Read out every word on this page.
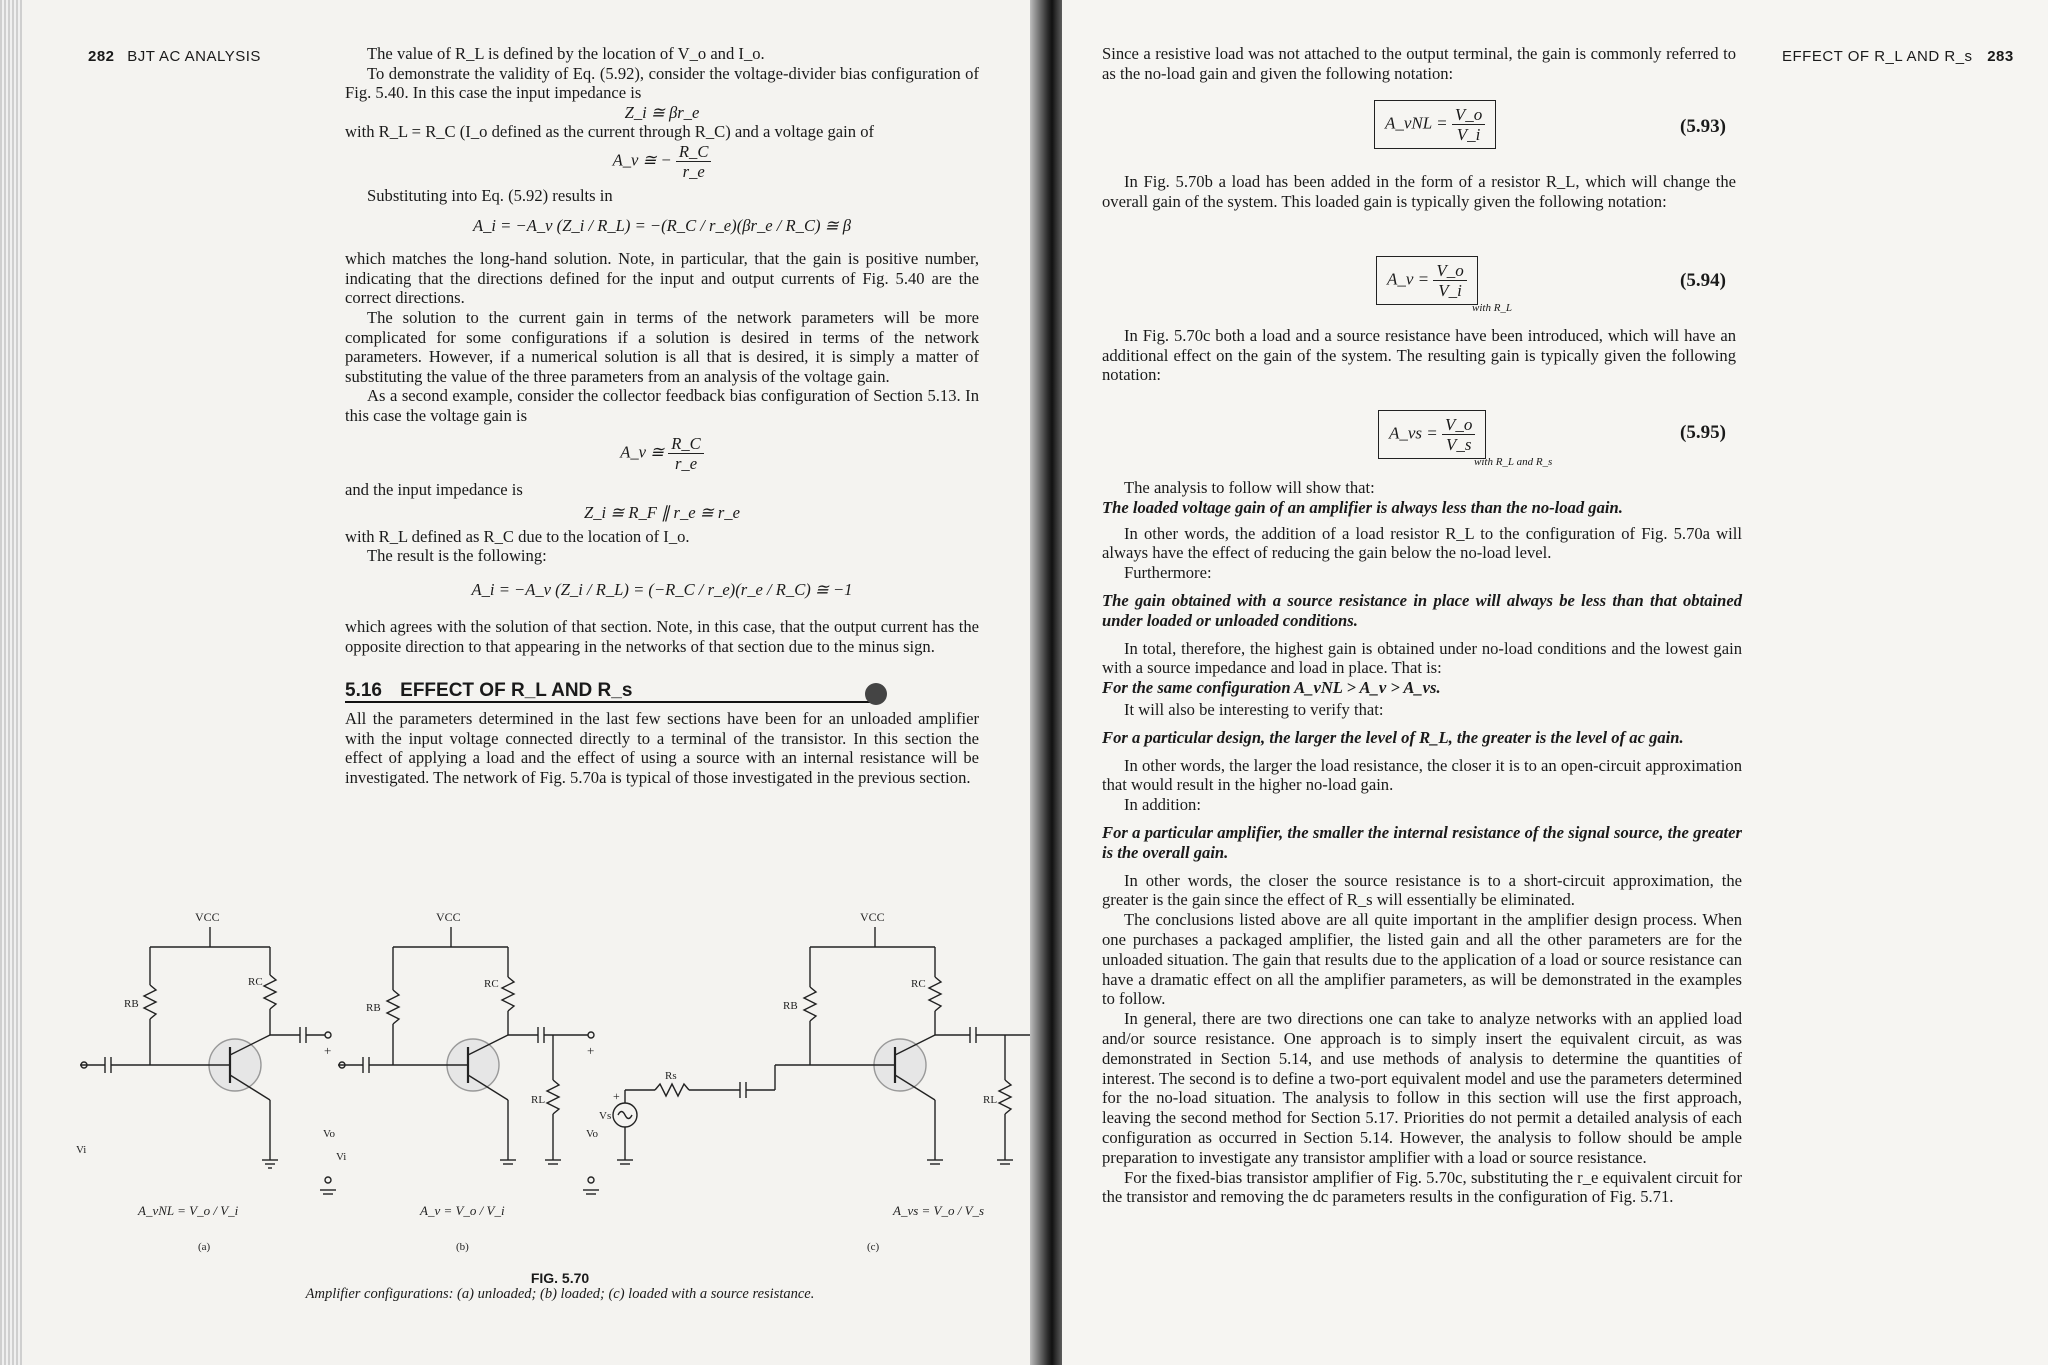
282 BJT AC ANALYSIS	The value of R_L is defined by the location of V_o and I_o.

To demonstrate the validity of Eq. (5.92), consider the voltage-divider bias configuration of Fig. 5.40. In this case the input impedance is

Z_i ≅ βr_e

with R_L = R_C (I_o defined as the current through R_C) and a voltage gain of

A_v ≅ − $\frac{R\_C}{r\_e}$

Substituting into Eq. (5.92) results in

A_i = −A_v (Z_i / R_L) = −(R_C / r_e)(βr_e / R_C) ≅ β

which matches the long-hand solution. Note, in particular, that the gain is positive number, indicating that the directions defined for the input and output currents of Fig. 5.40 are the correct directions.

The solution to the current gain in terms of the network parameters will be more complicated for some configurations if a solution is desired in terms of the network parameters. However, if a numerical solution is all that is desired, it is simply a matter of substituting the value of the three parameters from an analysis of the voltage gain.

As a second example, consider the collector feedback bias configuration of Section 5.13. In this case the voltage gain is

A_v ≅ $\frac{R\_C}{r\_e}$

and the input impedance is

Z_i ≅ R_F ∥ r_e ≅ r_e

with R_L defined as R_C due to the location of I_o.

The result is the following:

A_i = −A_v (Z_i / R_L) = (−R_C / r_e)(r_e / R_C) ≅ −1

which agrees with the solution of that section. Note, in this case, that the output current has the opposite direction to that appearing in the networks of that section due to the minus sign.

5.16 EFFECT OF R_L AND R_s

All the parameters determined in the last few sections have been for an unloaded amplifier with the input voltage connected directly to a terminal of the transistor. In this section the effect of applying a load and the effect of using a source with an internal resistance will be investigated. The network of Fig. 5.70a is typical of those investigated in the previous section.

VCC
RB
RC
+
Vo
Vi
A_vNL = V_o / V_i
(a)
VCC
RB
RC
RL
+
Vo
Vi
A_v = V_o / V_i
(b)
VCC
RB
RC
RL
Rs
+
Vs
A_vs = V_o / V_s
(c)
FIG. 5.70
Amplifier configurations: (a) unloaded; (b) loaded; (c) loaded with a source resistance.
EFFECT OF R_L AND R_s 283

Since a resistive load was not attached to the output terminal, the gain is commonly referred to as the no-load gain and given the following notation:

A_vNL = $\frac{V\_o}{V\_i}$	(5.93)

In Fig. 5.70b a load has been added in the form of a resistor R_L, which will change the overall gain of the system. This loaded gain is typically given the following notation:

A_v = $\frac{V\_o}{V\_i}$
with R_L
(5.94)

In Fig. 5.70c both a load and a source resistance have been introduced, which will have an additional effect on the gain of the system. The resulting gain is typically given the following notation:

A_vs = $\frac{V\_o}{V\_s}$
with R_L and R_s
(5.95)

The analysis to follow will show that:

The loaded voltage gain of an amplifier is always less than the no-load gain.

In other words, the addition of a load resistor R_L to the configuration of Fig. 5.70a will always have the effect of reducing the gain below the no-load level.

Furthermore:

The gain obtained with a source resistance in place will always be less than that obtained under loaded or unloaded conditions.

In total, therefore, the highest gain is obtained under no-load conditions and the lowest gain with a source impedance and load in place. That is:

For the same configuration A_vNL > A_v > A_vs.

It will also be interesting to verify that:

For a particular design, the larger the level of R_L, the greater is the level of ac gain.

In other words, the larger the load resistance, the closer it is to an open-circuit approximation that would result in the higher no-load gain.

In addition:

For a particular amplifier, the smaller the internal resistance of the signal source, the greater is the overall gain.

In other words, the closer the source resistance is to a short-circuit approximation, the greater is the gain since the effect of R_s will essentially be eliminated.

The conclusions listed above are all quite important in the amplifier design process. When one purchases a packaged amplifier, the listed gain and all the other parameters are for the unloaded situation. The gain that results due to the application of a load or source resistance can have a dramatic effect on all the amplifier parameters, as will be demonstrated in the examples to follow.

In general, there are two directions one can take to analyze networks with an applied load and/or source resistance. One approach is to simply insert the equivalent circuit, as was demonstrated in Section 5.14, and use methods of analysis to determine the quantities of interest. The second is to define a two-port equivalent model and use the parameters determined for the no-load situation. The analysis to follow in this section will use the first approach, leaving the second method for Section 5.17. Priorities do not permit a detailed analysis of each configuration as occurred in Section 5.14. However, the analysis to follow should be ample preparation to investigate any transistor amplifier with a load or source resistance.

For the fixed-bias transistor amplifier of Fig. 5.70c, substituting the r_e equivalent circuit for the transistor and removing the dc parameters results in the configuration of Fig. 5.71.
